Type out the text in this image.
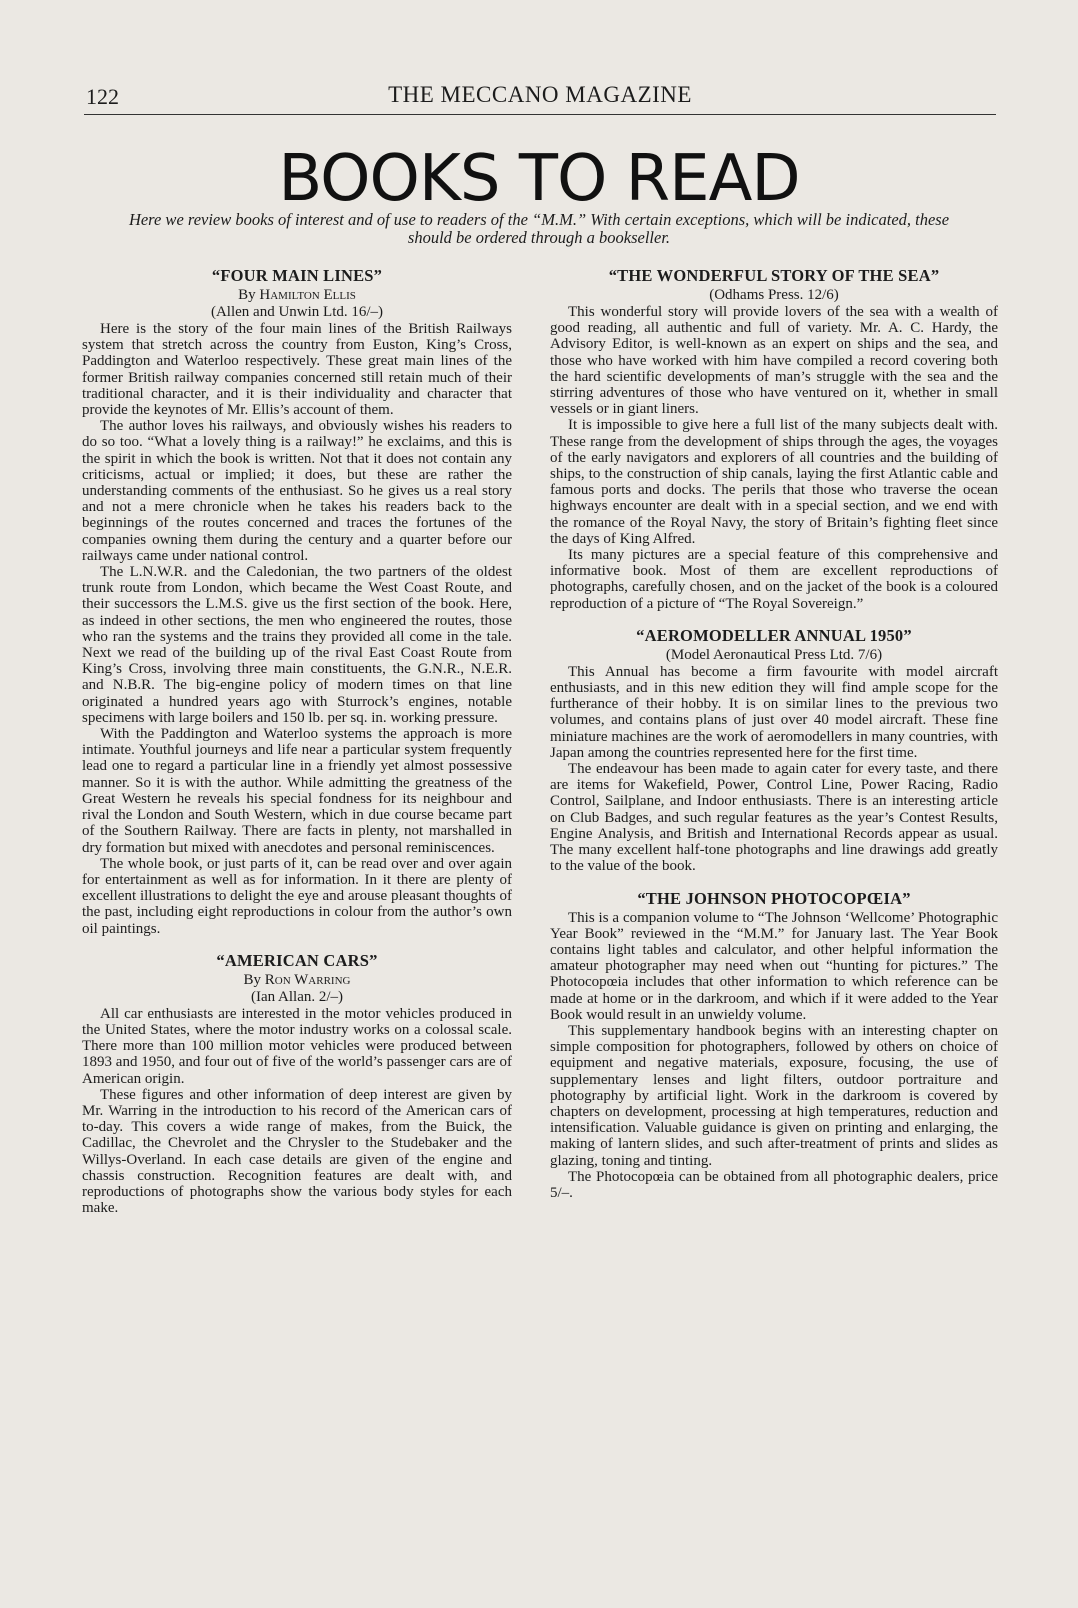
122	THE MECCANO MAGAZINE
BOOKS TO READ
Here we review books of interest and of use to readers of the “M.M.” With certain exceptions, which will be indicated, these should be ordered through a bookseller.
“FOUR MAIN LINES”
By Hamilton Ellis
(Allen and Unwin Ltd. 16/–)

Here is the story of the four main lines of the British Railways system that stretch across the country from Euston, King’s Cross, Paddington and Waterloo respectively. These great main lines of the former British railway companies concerned still retain much of their traditional character, and it is their individuality and character that provide the keynotes of Mr. Ellis’s account of them.

The author loves his railways, and obviously wishes his readers to do so too. “What a lovely thing is a railway!” he exclaims, and this is the spirit in which the book is written. Not that it does not contain any criticisms, actual or implied; it does, but these are rather the understanding comments of the enthusiast. So he gives us a real story and not a mere chronicle when he takes his readers back to the beginnings of the routes concerned and traces the fortunes of the companies owning them during the century and a quarter before our railways came under national control.

The L.N.W.R. and the Caledonian, the two partners of the oldest trunk route from London, which became the West Coast Route, and their successors the L.M.S. give us the first section of the book. Here, as indeed in other sections, the men who engineered the routes, those who ran the systems and the trains they provided all come in the tale. Next we read of the building up of the rival East Coast Route from King’s Cross, involving three main constituents, the G.N.R., N.E.R. and N.B.R. The big-engine policy of modern times on that line originated a hundred years ago with Sturrock’s engines, notable specimens with large boilers and 150 lb. per sq. in. working pressure.

With the Paddington and Waterloo systems the approach is more intimate. Youthful journeys and life near a particular system frequently lead one to regard a particular line in a friendly yet almost possessive manner. So it is with the author. While admitting the greatness of the Great Western he reveals his special fondness for its neighbour and rival the London and South Western, which in due course became part of the Southern Railway. There are facts in plenty, not marshalled in dry formation but mixed with anecdotes and personal reminiscences.

The whole book, or just parts of it, can be read over and over again for entertainment as well as for information. In it there are plenty of excellent illustrations to delight the eye and arouse pleasant thoughts of the past, including eight reproductions in colour from the author’s own oil paintings.

“AMERICAN CARS”
By Ron Warring
(Ian Allan. 2/–)

All car enthusiasts are interested in the motor vehicles produced in the United States, where the motor industry works on a colossal scale. There more than 100 million motor vehicles were produced between 1893 and 1950, and four out of five of the world’s passenger cars are of American origin.

These figures and other information of deep interest are given by Mr. Warring in the introduction to his record of the American cars of to-day. This covers a wide range of makes, from the Buick, the Cadillac, the Chevrolet and the Chrysler to the Studebaker and the Willys-Overland. In each case details are given of the engine and chassis construction. Recognition features are dealt with, and reproductions of photographs show the various body styles for each make.

“THE WONDERFUL STORY OF THE SEA”
(Odhams Press. 12/6)

This wonderful story will provide lovers of the sea with a wealth of good reading, all authentic and full of variety. Mr. A. C. Hardy, the Advisory Editor, is well-known as an expert on ships and the sea, and those who have worked with him have compiled a record covering both the hard scientific developments of man’s struggle with the sea and the stirring adventures of those who have ventured on it, whether in small vessels or in giant liners.

It is impossible to give here a full list of the many subjects dealt with. These range from the development of ships through the ages, the voyages of the early navigators and explorers of all countries and the building of ships, to the construction of ship canals, laying the first Atlantic cable and famous ports and docks. The perils that those who traverse the ocean highways encounter are dealt with in a special section, and we end with the romance of the Royal Navy, the story of Britain’s fighting fleet since the days of King Alfred.

Its many pictures are a special feature of this comprehensive and informative book. Most of them are excellent reproductions of photographs, carefully chosen, and on the jacket of the book is a coloured reproduction of a picture of “The Royal Sovereign.”

“AEROMODELLER ANNUAL 1950”
(Model Aeronautical Press Ltd. 7/6)

This Annual has become a firm favourite with model aircraft enthusiasts, and in this new edition they will find ample scope for the furtherance of their hobby. It is on similar lines to the previous two volumes, and contains plans of just over 40 model aircraft. These fine miniature machines are the work of aeromodellers in many countries, with Japan among the countries represented here for the first time.

The endeavour has been made to again cater for every taste, and there are items for Wakefield, Power, Control Line, Power Racing, Radio Control, Sailplane, and Indoor enthusiasts. There is an interesting article on Club Badges, and such regular features as the year’s Contest Results, Engine Analysis, and British and International Records appear as usual. The many excellent half-tone photographs and line drawings add greatly to the value of the book.

“THE JOHNSON PHOTOCOPŒIA”

This is a companion volume to “The Johnson ‘Wellcome’ Photographic Year Book” reviewed in the “M.M.” for January last. The Year Book contains light tables and calculator, and other helpful information the amateur photographer may need when out “hunting for pictures.” The Photocopœia includes that other information to which reference can be made at home or in the darkroom, and which if it were added to the Year Book would result in an unwieldy volume.

This supplementary handbook begins with an interesting chapter on simple composition for photographers, followed by others on choice of equipment and negative materials, exposure, focusing, the use of supplementary lenses and light filters, outdoor portraiture and photography by artificial light. Work in the darkroom is covered by chapters on development, processing at high temperatures, reduction and intensification. Valuable guidance is given on printing and enlarging, the making of lantern slides, and such after-treatment of prints and slides as glazing, toning and tinting.

The Photocopœia can be obtained from all photographic dealers, price 5/–.
